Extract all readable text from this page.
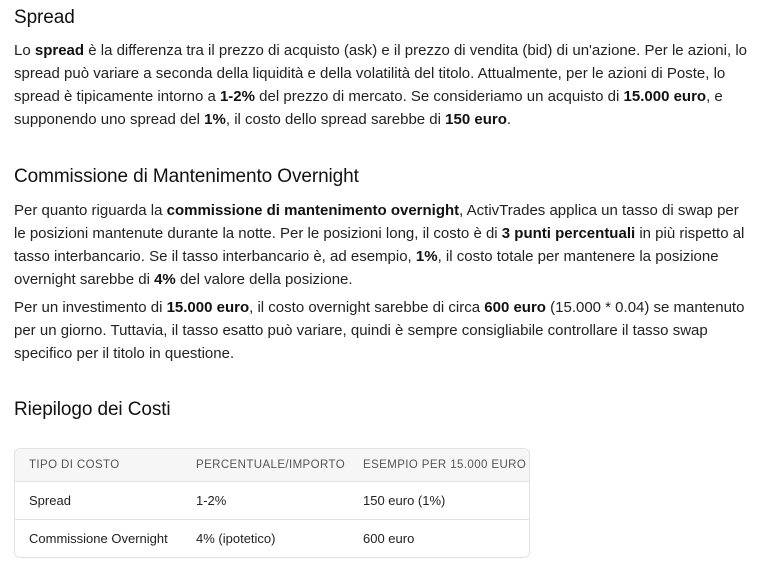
Spread

Lo spread è la differenza tra il prezzo di acquisto (ask) e il prezzo di vendita (bid) di un'azione. Per le azioni, lo spread può variare a seconda della liquidità e della volatilità del titolo. Attualmente, per le azioni di Poste, lo spread è tipicamente intorno a 1-2% del prezzo di mercato. Se consideriamo un acquisto di 15.000 euro, e supponendo uno spread del 1%, il costo dello spread sarebbe di 150 euro.

Commissione di Mantenimento Overnight

Per quanto riguarda la commissione di mantenimento overnight, ActivTrades applica un tasso di swap per le posizioni mantenute durante la notte. Per le posizioni long, il costo è di 3 punti percentuali in più rispetto al tasso interbancario. Se il tasso interbancario è, ad esempio, 1%, il costo totale per mantenere la posizione overnight sarebbe di 4% del valore della posizione.

Per un investimento di 15.000 euro, il costo overnight sarebbe di circa 600 euro (15.000 * 0.04) se mantenuto per un giorno. Tuttavia, il tasso esatto può variare, quindi è sempre consigliabile controllare il tasso swap specifico per il titolo in questione.

Riepilogo dei Costi
TIPO DI COSTO	PERCENTUALE/IMPORTO	ESEMPIO PER 15.000 EURO
Spread	1-2%	150 euro (1%)
Commissione Overnight	4% (ipotetico)	600 euro
